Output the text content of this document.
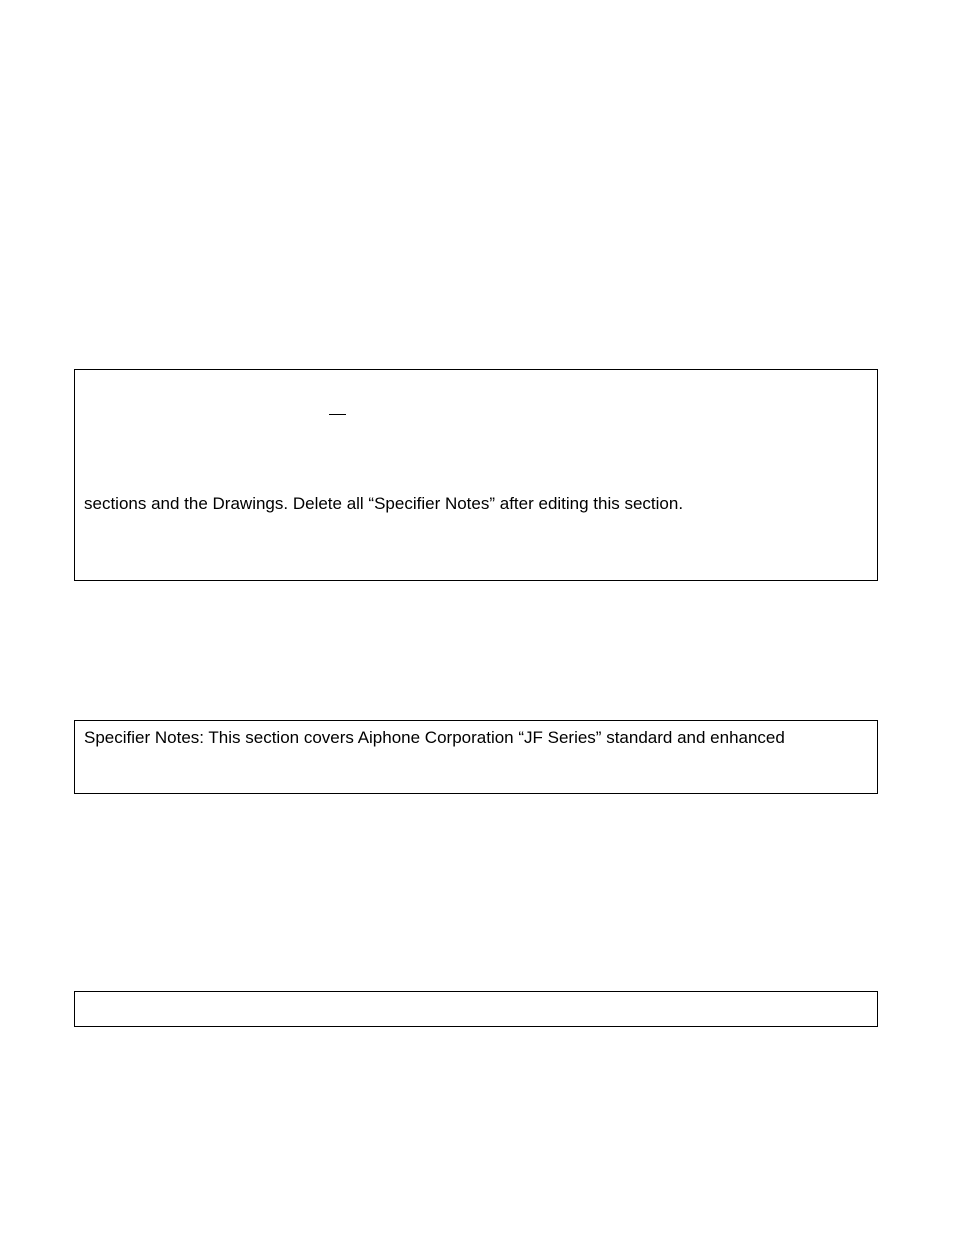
sections and the Drawings. Delete all “Specifier Notes” after editing this section.
Specifier Notes: This section covers Aiphone Corporation “JF Series” standard and enhanced
